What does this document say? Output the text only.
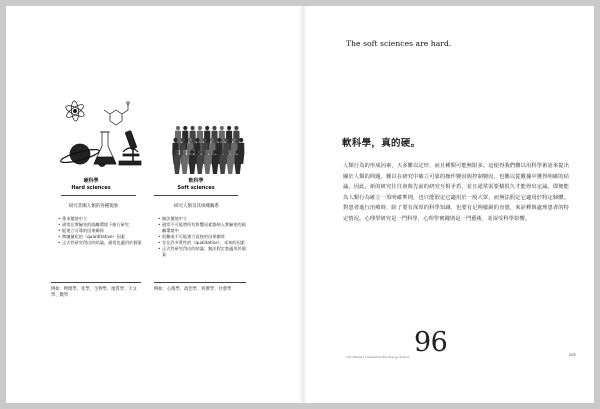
硬科學
Hard sciences
研究非關人類的各種現象
• 專求價值中立
• 通常在實驗室的隔離環境下進行研究
• 能建立可靠的因果關係
• 稍嫌量化的（quantitative）因素
• 正式性研究得出的結論，通常也適用於個案
例如：物理學、化學、生物學、地質學、天文學、數學
軟科學
Soft sciences
研究人類及其組織關系
• 無法價值中立
• 通常不可能將所有影響因素都納入實驗室的隔離環境中
• 很難或不可能建立直接的因果關係
• 存在許多質性的（qualitative）、未知的因素
• 正式性研究得出的結論，無法假定套適用於個案
例如：心理學、政治學、經濟學、社會學
The soft sciences are hard.
軟科學，真的硬。
人類行為的形成因素，大多難以定形，而且種類可能無限多。這使得我們難以用科學術語來提出關於人類的問題，難以在研究中確立可靠的操作變因與控制變因，也難以從數據中獲得明確的結論。因此，新的研究往往會與先前的研究互相矛盾，並且通常需要積很久才能得出定論。即便能為人類行為確立一項明確準則，也只能假定它適用於一般大眾，而無法假定它適用於特定個體。對患者進行治療時，除了要有深厚的科學知識，也要有足夠敏銳的直覺，來詮釋與處理患者的特定情況。心理學研究是一門科學，心理學實踐則是一門藝術，並深受科學影響。
101 Things I Learned in Psychology School 96	205
